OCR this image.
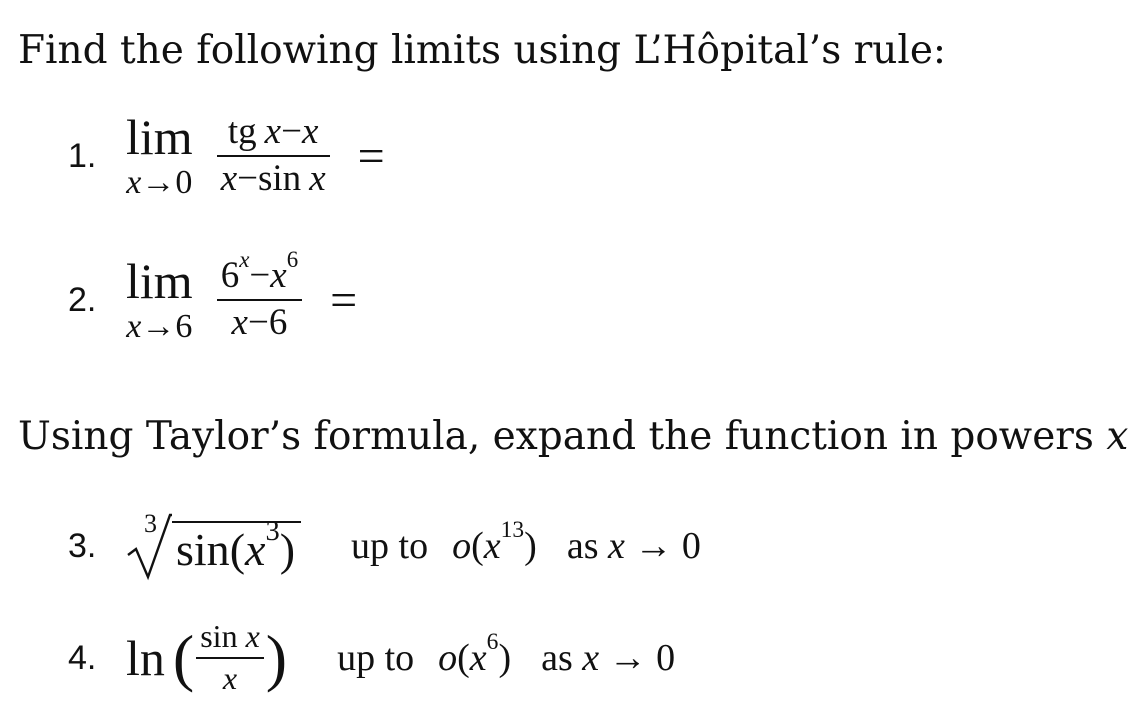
Find the following limits using L’Hôpital’s rule:
1. lim
$x\to 0 \frac{\text{tg x−x}}{\text{x−sin x}}$ =
2. lim
$x\to 6 \frac{6^x-x^6}{x-6}$ =
Using Taylor’s formula, expand the function in powers x
3.
3
$\sin(x^3)$ up to $o(x^{13})$ as x → 0
4. ln ( $\frac{\text{sin x}}{x}$ ) up to $o(x^6)$ as x → 0
